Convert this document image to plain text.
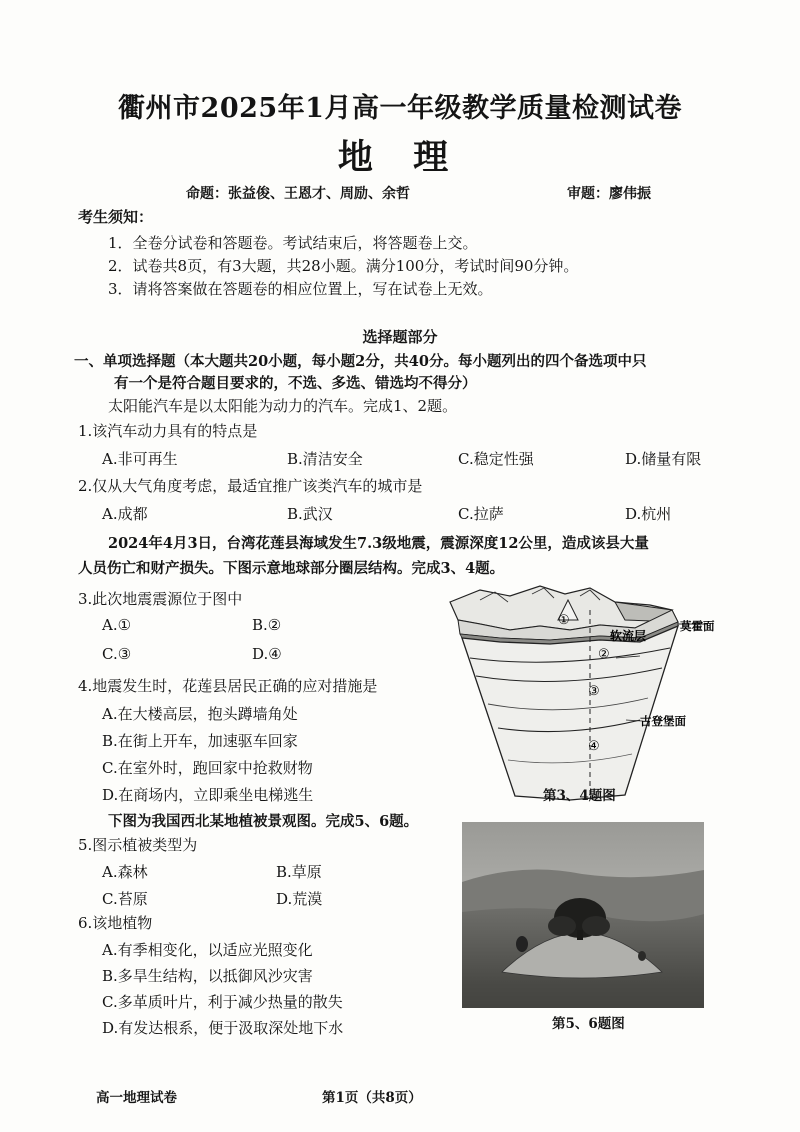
衢州市2025年1月高一年级教学质量检测试卷
地 理
命题：张益俊、王恩才、周励、余哲	审题：廖伟振
考生须知：
1．全卷分试卷和答题卷。考试结束后，将答题卷上交。
2．试卷共8页，有3大题，共28小题。满分100分，考试时间90分钟。
3．请将答案做在答题卷的相应位置上，写在试卷上无效。
选择题部分
一、单项选择题（本大题共20小题，每小题2分，共40分。每小题列出的四个备选项中只
有一个是符合题目要求的，不选、多选、错选均不得分）
太阳能汽车是以太阳能为动力的汽车。完成1、2题。
1.该汽车动力具有的特点是
A.非可再生	B.清洁安全	C.稳定性强	D.储量有限
2.仅从大气角度考虑，最适宜推广该类汽车的城市是
A.成都	B.武汉	C.拉萨	D.杭州
2024年4月3日，台湾花莲县海域发生7.3级地震，震源深度12公里，造成该县大量
人员伤亡和财产损失。下图示意地球部分圈层结构。完成3、4题。
3.此次地震震源位于图中
A.①	B.②
C.③	D.④
4.地震发生时，花莲县居民正确的应对措施是
A.在大楼高层，抱头蹲墙角处
B.在街上开车，加速驱车回家
C.在室外时，跑回家中抢救财物
D.在商场内，立即乘坐电梯逃生
①
②
③
④
莫霍面
软流层
古登堡面
第3、4题图
下图为我国西北某地植被景观图。完成5、6题。
5.图示植被类型为
A.森林	B.草原
C.苔原	D.荒漠
6.该地植物
A.有季相变化，以适应光照变化
B.多旱生结构，以抵御风沙灾害
C.多革质叶片，利于减少热量的散失
D.有发达根系，便于汲取深处地下水	第5、6题图
高一地理试卷	第1页（共8页）
